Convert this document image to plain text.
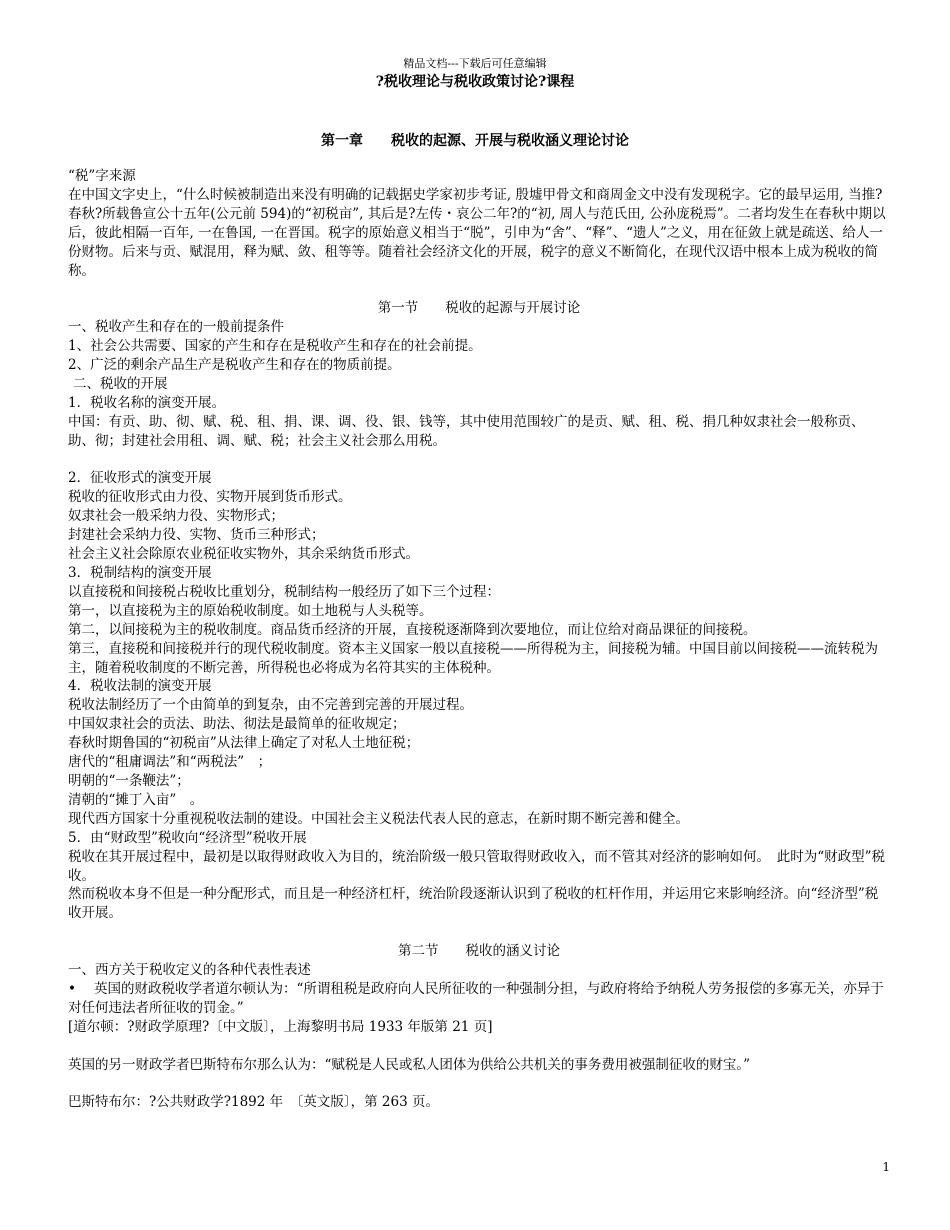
精品文档---下载后可任意编辑
?税收理论与税收政策讨论?课程
第一章　　税收的起源、开展与税收涵义理论讨论

“税”字来源

在中国文字史上，“什么时候被制造出来没有明确的记载据史学家初步考证, 殷墟甲骨文和商周金文中没有发现税字。它的最早运用, 当推?春秋?所载鲁宣公十五年(公元前 594)的“初税亩”, 其后是?左传・哀公二年?的“初, 周人与范氏田, 公孙庞税焉”。二者均发生在春秋中期以后，彼此相隔一百年, 一在鲁国, 一在晋国。税字的原始意义相当于“脱”，引申为“舍”、“释”、“遗人”之义，用在征敛上就是疏送、给人一份财物。后来与贡、赋混用，释为赋、敛、租等等。随着社会经济文化的开展，税字的意义不断简化，在现代汉语中根本上成为税收的简称。

第一节　　税收的起源与开展讨论

一、税收产生和存在的一般前提条件

1、社会公共需要、国家的产生和存在是税收产生和存在的社会前提。

2、广泛的剩余产品生产是税收产生和存在的物质前提。

二、税收的开展

1．税收名称的演变开展。

中国：有贡、助、彻、赋、税、租、捐、课、调、役、银、钱等，其中使用范围较广的是贡、赋、租、税、捐几种奴隶社会一般称贡、助、彻；封建社会用租、调、赋、税；社会主义社会那么用税。

2．征收形式的演变开展

税收的征收形式由力役、实物开展到货币形式。

奴隶社会一般采纳力役、实物形式；

封建社会采纳力役、实物、货币三种形式；

社会主义社会除原农业税征收实物外，其余采纳货币形式。

3．税制结构的演变开展

以直接税和间接税占税收比重划分，税制结构一般经历了如下三个过程：

第一，以直接税为主的原始税收制度。如土地税与人头税等。

第二，以间接税为主的税收制度。商品货币经济的开展，直接税逐渐降到次要地位，而让位给对商品课征的间接税。

第三，直接税和间接税并行的现代税收制度。资本主义国家一般以直接税——所得税为主，间接税为辅。中国目前以间接税——流转税为主，随着税收制度的不断完善，所得税也必将成为名符其实的主体税种。

4．税收法制的演变开展

税收法制经历了一个由简单的到复杂，由不完善到完善的开展过程。

中国奴隶社会的贡法、助法、彻法是最简单的征收规定；

春秋时期鲁国的“初税亩”从法律上确定了对私人土地征税；

唐代的“租庸调法”和“两税法”　；

明朝的“一条鞭法”；

清朝的“摊丁入亩”　。

现代西方国家十分重视税收法制的建设。中国社会主义税法代表人民的意志，在新时期不断完善和健全。

5．由“财政型”税收向“经济型”税收开展

税收在其开展过程中，最初是以取得财政收入为目的，统治阶级一般只管取得财政收入，而不管其对经济的影响如何。　此时为“财政型”税收。

然而税收本身不但是一种分配形式，而且是一种经济杠杆，统治阶段逐渐认识到了税收的杠杆作用，并运用它来影响经济。向“经济型”税收开展。

第二节　　税收的涵义讨论

一、西方关于税收定义的各种代表性表述

•	英国的财政税收学者道尔顿认为：“所谓租税是政府向人民所征收的一种强制分担，与政府将给予纳税人劳务报偿的多寡无关，亦异于对任何违法者所征收的罚金。”

[道尔顿：?财政学原理?〔中文版〕，上海黎明书局 1933 年版第 21 页]

英国的另一财政学者巴斯特布尔那么认为：“赋税是人民或私人团体为供给公共机关的事务费用被强制征收的财宝。”

巴斯特布尔：?公共财政学?1892 年　〔英文版〕，第 263 页。

1
